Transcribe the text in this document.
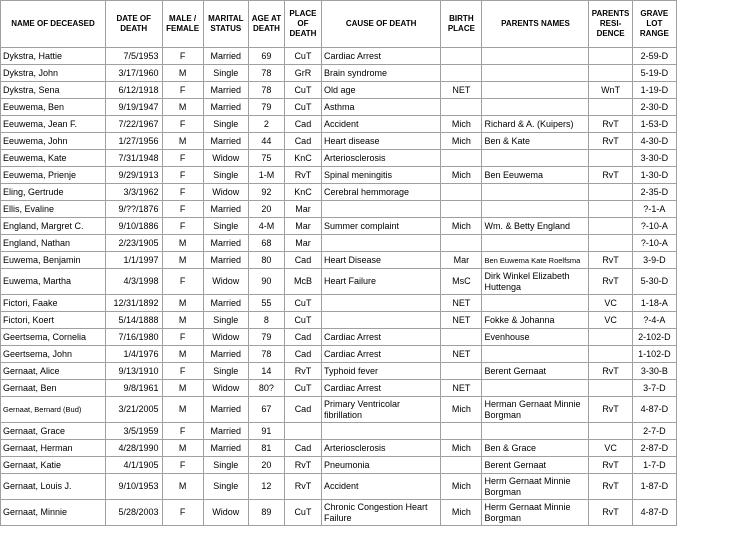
NAME OF DECEASED	DATE OF DEATH	MALE / FEMALE	MARITAL STATUS	AGE AT DEATH	PLACE OF DEATH	CAUSE OF DEATH	BIRTH PLACE	PARENTS NAMES	PARENTS RESI-DENCE	GRAVE LOT RANGE
Dykstra, Hattie	7/5/1953	F	Married	69	CuT	Cardiac Arrest				2-59-D
Dykstra, John	3/17/1960	M	Single	78	GrR	Brain syndrome				5-19-D
Dykstra, Sena	6/12/1918	F	Married	78	CuT	Old age	NET		WnT	1-19-D
Eeuwema, Ben	9/19/1947	M	Married	79	CuT	Asthma				2-30-D
Eeuwema, Jean F.	7/22/1967	F	Single	2	Cad	Accident	Mich	Richard & A. (Kuipers)	RvT	1-53-D
Eeuwema, John	1/27/1956	M	Married	44	Cad	Heart disease	Mich	Ben & Kate	RvT	4-30-D
Eeuwema, Kate	7/31/1948	F	Widow	75	KnC	Arteriosclerosis				3-30-D
Eeuwema, Prienje	9/29/1913	F	Single	1-M	RvT	Spinal meningitis	Mich	Ben Eeuwema	RvT	1-30-D
Eling, Gertrude	3/3/1962	F	Widow	92	KnC	Cerebral hemmorage				2-35-D
Ellis, Evaline	9/??/1876	F	Married	20	Mar					?-1-A
England, Margret C.	9/10/1886	F	Single	4-M	Mar	Summer complaint	Mich	Wm. & Betty England		?-10-A
England, Nathan	2/23/1905	M	Married	68	Mar					?-10-A
Euwema, Benjamin	1/1/1997	M	Married	80	Cad	Heart Disease	Mar	Ben Euwema Kate Roelfsma	RvT	3-9-D
Euwema, Martha	4/3/1998	F	Widow	90	McB	Heart Failure	MsC	Dirk Winkel Elizabeth Huttenga	RvT	5-30-D
Fictori, Faake	12/31/1892	M	Married	55	CuT		NET		VC	1-18-A
Fictori, Koert	5/14/1888	M	Single	8	CuT		NET	Fokke & Johanna	VC	?-4-A
Geertsema, Cornelia	7/16/1980	F	Widow	79	Cad	Cardiac Arrest		Evenhouse		2-102-D
Geertsema, John	1/4/1976	M	Married	78	Cad	Cardiac Arrest	NET			1-102-D
Gernaat, Alice	9/13/1910	F	Single	14	RvT	Typhoid fever		Berent Gernaat	RvT	3-30-B
Gernaat, Ben	9/8/1961	M	Widow	80?	CuT	Cardiac Arrest	NET			3-7-D
Gernaat, Bernard (Bud)	3/21/2005	M	Married	67	Cad	Primary Ventricolar fibrillation	Mich	Herman Gernaat Minnie Borgman	RvT	4-87-D
Gernaat, Grace	3/5/1959	F	Married	91						2-7-D
Gernaat, Herman	4/28/1990	M	Married	81	Cad	Arteriosclerosis	Mich	Ben & Grace	VC	2-87-D
Gernaat, Katie	4/1/1905	F	Single	20	RvT	Pneumonia		Berent Gernaat	RvT	1-7-D
Gernaat, Louis J.	9/10/1953	M	Single	12	RvT	Accident	Mich	Herm Gernaat Minnie Borgman	RvT	1-87-D
Gernaat, Minnie	5/28/2003	F	Widow	89	CuT	Chronic Congestion Heart Failure	Mich	Herm Gernaat Minnie Borgman	RvT	4-87-D
